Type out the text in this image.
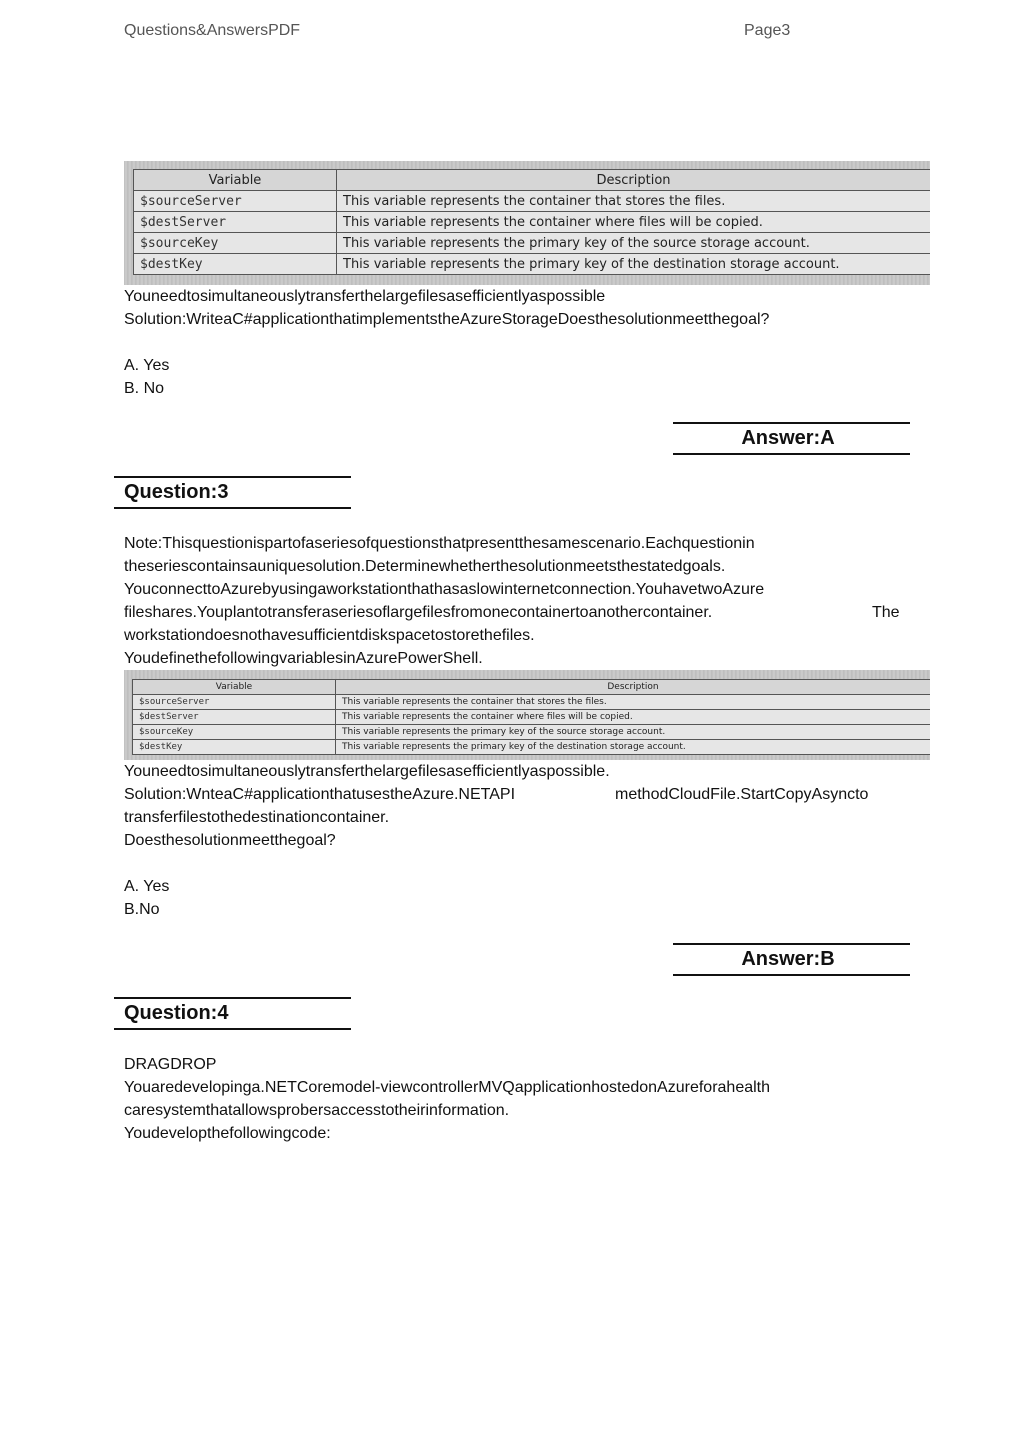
Questions&AnswersPDF	Page3
Variable	Description
$sourceServer	This variable represents the container that stores the files.
$destServer	This variable represents the container where files will be copied.
$sourceKey	This variable represents the primary key of the source storage account.
$destKey	This variable represents the primary key of the destination storage account.
Youneedtosimultaneouslytransferthelargefilesasefficientlyaspossible
Solution:WriteaC#applicationthatimplementstheAzureStorageDoesthesolutionmeetthegoal?
A. Yes
B. No
Answer:A
Question:3
Note:Thisquestionispartofaseriesofquestionsthatpresentthesamescenario.Eachquestionin
theseriescontainsauniquesolution.Determinewhetherthesolutionmeetsthestatedgoals.
YouconnecttoAzurebyusingaworkstationthathasaslowinternetconnection.YouhavetwoAzure
fileshares.Youplantotransferaseriesoflargefilesfromonecontainertoanothercontainer.	The
workstationdoesnothavesufficientdiskspacetostorethefiles.
YoudefinethefollowingvariablesinAzurePowerShell.
Variable	Description
$sourceServer	This variable represents the container that stores the files.
$destServer	This variable represents the container where files will be copied.
$sourceKey	This variable represents the primary key of the source storage account.
$destKey	This variable represents the primary key of the destination storage account.
Youneedtosimultaneouslytransferthelargefilesasefficientlyaspossible.
Solution:WnteaC#applicationthatusestheAzure.NETAPI	methodCloudFile.StartCopyAsyncto
transferfilestothedestinationcontainer.
Doesthesolutionmeetthegoal?
A. Yes
B.No
Answer:B
Question:4
DRAGDROP
Youaredevelopinga.NETCoremodel-viewcontrollerMVQapplicationhostedonAzureforahealth
caresystemthatallowsprobersaccesstotheirinformation.
Youdevelopthefollowingcode:
